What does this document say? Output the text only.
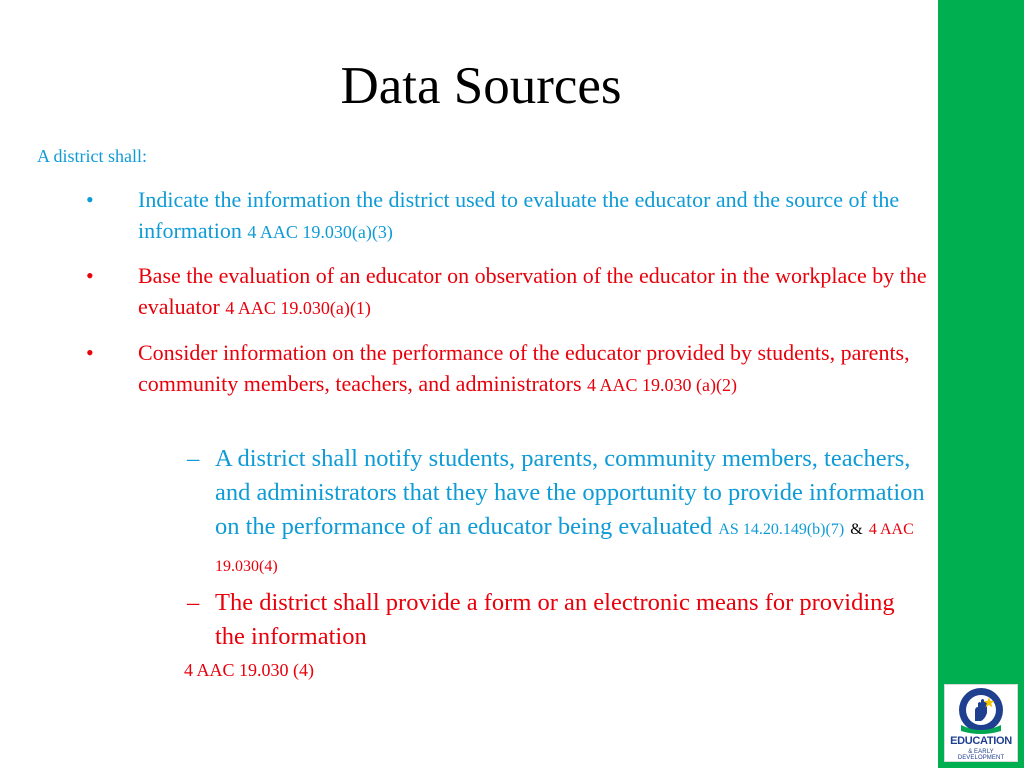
Data Sources
A district shall:
• Indicate the information the district used to evaluate the educator and the source of the information 4 AAC 19.030(a)(3)
• Base the evaluation of an educator on observation of the educator in the workplace by the evaluator 4 AAC 19.030(a)(1)
• Consider information on the performance of the educator provided by students, parents, community members, teachers, and administrators 4 AAC 19.030 (a)(2)
– A district shall notify students, parents, community members, teachers, and administrators that they have the opportunity to provide information on the performance of an educator being evaluated AS 14.20.149(b)(7) & 4 AAC 19.030(4)
– The district shall provide a form or an electronic means for providing the information
4 AAC 19.030 (4)
EDUCATION
& EARLY DEVELOPMENT
